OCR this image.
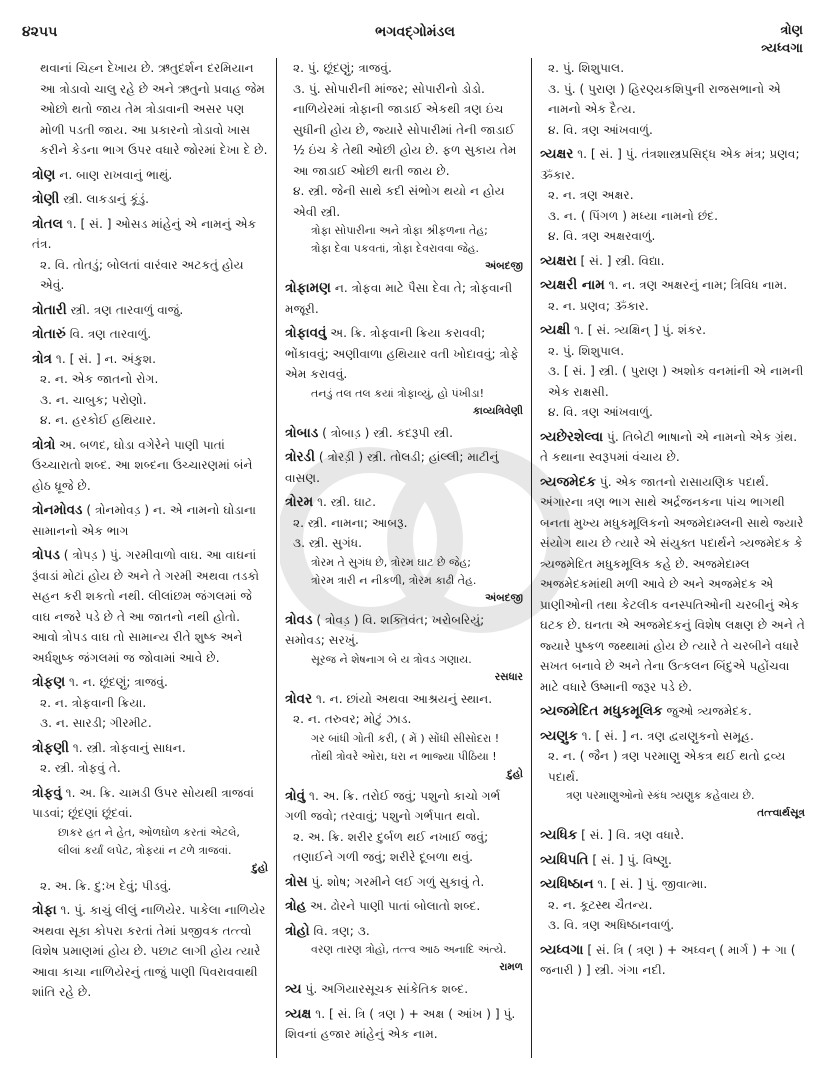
૪૨૫૫	ભગવદ્ગોમંડલ	ત્રોણ
ત્ર્યધ્વગા

થવાનાં ચિહ્ન દેખાય છે. ઋતુદર્શન દરમિયાન આ ત્રોડાવો ચાલુ રહે છે અને ઋતુનો પ્રવાહ જેમ ઓછો થતો જાય તેમ ત્રોડાવાની અસર પણ મોળી પડતી જાય. આ પ્રકારનો ત્રોડાવો ખાસ કરીને કેડના ભાગ ઉપર વધારે જોરમાં દેખા દે છે.

ત્રોણ ન. બાણ રાખવાનું ભાથું.

ત્રોણી સ્ત્રી. લાકડાનું કૂંડું.

ત્રોતલ ૧. [ સં. ] ઓસડ માંહેનું એ નામનું એક તંત્ર.

૨. વિ. તોતડું; બોલતાં વારંવાર અટકતું હોય એવું.

ત્રોતારી સ્ત્રી. ત્રણ તારવાળું વાજું.

ત્રોતારું વિ. ત્રણ તારવાળું.

ત્રોત્ર ૧. [ સં. ] ન. અંકુશ.

૨. ન. એક જાતનો રોગ.

૩. ન. ચાબુક; પરોણો.

૪. ન. હરકોઈ હથિયાર.

ત્રોત્રો અ. બળદ, ઘોડા વગેરેને પાણી પાતાં ઉચ્ચારાતો શબ્દ. આ શબ્દના ઉચ્ચારણમાં બંને હોઠ ધ્રૂજે છે.

ત્રોનમોવડ ( ત્રોનમોવડ઼ ) ન. એ નામનો ઘોડાના સામાનનો એક ભાગ

ત્રોપડ ( ત્રોપડ઼ ) પું. ગરમીવાળો વાઘ. આ વાઘનાં રૂંવાડાં મોટાં હોય છે અને તે ગરમી અથવા તડકો સહન કરી શકતો નથી. લીલાંછમ જંગલમાં જે વાઘ નજરે પડે છે તે આ જાતનો નથી હોતો. આવો ત્રોપડ વાઘ તો સામાન્ય રીતે શુષ્ક અને અર્ધશુષ્ક જંગલમાં જ જોવામાં આવે છે.

ત્રોફણ ૧. ન. છૂંદણું; ત્રાજવું.

૨. ન. ત્રોફવાની ક્રિયા.

૩. ન. સારડી; ગીરમીટ.

ત્રોફણી ૧. સ્ત્રી. ત્રોફવાનું સાધન.

૨. સ્ત્રી. ત્રોફવું તે.

ત્રોફવું ૧. અ. ક્રિ. ચામડી ઉપર સોયથી ત્રાજવાં પાડવાં; છૂંદણાં છૂંદવાં.

છાકર હત ને હેત, ઓળઘોળ કરતાં એટલે,

લીલાં કર્યાં લપેટ, ત્રોફયાં ન ટળે ત્રાજવાં.

દુહો

૨. અ. ક્રિ. દુ:ખ દેવું; પીડવું.

ત્રોફા ૧. પું. કાચું લીલું નાળિયેર. પાકેલા નાળિયેર અથવા સૂકા કોપરા કરતાં તેમાં પ્રજીવક તત્ત્વો વિશેષ પ્રમાણમાં હોય છે. પછાટ લાગી હોય ત્યારે આવા કાચા નાળિયેરનું તાજું પાણી પિવરાવવાથી શાંતિ રહે છે.

૨. પું. છૂંદણું; ત્રાજવું.

૩. પું. સોપારીની માંજર; સોપારીનો ડોડો. નાળિયેરમાં ત્રોફાની જાડાઈ એકથી ત્રણ ઇંચ સુધીની હોય છે, જ્યારે સોપારીમાં તેની જાડાઈ ½ ઇંચ કે તેથી ઓછી હોય છે. ફળ સુકાય તેમ આ જાડાઈ ઓછી થતી જાય છે.

૪. સ્ત્રી. જેની સાથે કદી સંભોગ થયો ન હોય એવી સ્ત્રી.

ત્રોફા સોપારીના અને ત્રોફા શ્રીફળના તેહ;

ત્રોફા દેવા પકવતાં, ત્રોફા દેવરાવવા જેહ.

અંબદજી

ત્રોફામણ ન. ત્રોફવા માટે પૈસા દેવા તે; ત્રોફવાની મજૂરી.

ત્રોફાવવું અ. ક્રિ. ત્રોફવાની ક્રિયા કરાવવી; ભોંકાવવું; અણીવાળા હથિયાર વતી ખોદાવવું; ત્રોફે એમ કરાવવું.

તનડું તલ તલ કયાં ત્રોફાવ્યું, હો પંખીડા!

કાવ્યત્રિવેણી

ત્રોબાડ ( ત્રોબાડ઼ ) સ્ત્રી. કદરૂપી સ્ત્રી.

ત્રોરડી ( ત્રોરડ઼ી ) સ્ત્રી. તોલડી; હાંલ્લી; માટીનું વાસણ.

ત્રોરમ ૧. સ્ત્રી. ઘાટ.

૨. સ્ત્રી. નામના; આબરૂ.

૩. સ્ત્રી. સુગંધ.

ત્રોરમ તે સુગંધ છે, ત્રોરમ ઘાટ છે જેહ;

ત્રોરમ ત્રારી ન નીકળી, ત્રોરમ કાઢી તેહ.

અંબદજી

ત્રોવડ ( ત્રોવડ઼ ) વિ. શક્તિવંત; ખરોબરિયું; સમોવડ; સરખું.

સૂરજ ને શેષનાગ બે ય ત્રોવડ ગણાય.

રસધાર

ત્રોવર ૧. ન. છાંયો અથવા આશ્રયનું સ્થાન.

૨. ન. તરુવર; મોટું ઝાડ.

ગર બાંધી ગોતી કરી, ( મેં ) સોંધી સીસોદરા !

તોંથી ત્રોવરે ઓરા, ધરા ન ભાજ્યા પીઠિયા !

દુહો

ત્રોવું ૧. અ. ક્રિ. તરોઈ જવું; પશુનો કાચો ગર્ભ ગળી જવો; તરવાવું; પશુનો ગર્ભપાત થવો.

૨. અ. ક્રિ. શરીર દુર્બળ થઈ નખાઈ જવું; તણાઈને ગળી જવું; શરીરે દૂબળા થવું.

ત્રોસ પું. શોષ; ગરમીને લઈ ગળું સુકાવું તે.

ત્રોહ અ. ઢોરને પાણી પાતાં બોલાતો શબ્દ.

ત્રોહો વિ. ત્રણ; ૩.

વરણ તારણ ત્રોહો, તત્ત્વ આઠ અનાદિ અંત્યે.

રામળ

ત્ર્ય પું. અગિયારસૂચક સાંકેતિક શબ્દ.

ત્ર્યક્ષ ૧. [ સં. ત્રિ ( ત્રણ ) + અક્ષ ( આંખ ) ] પું. શિવનાં હજાર માંહેનું એક નામ.

૨. પું. શિશુપાલ.

૩. પું. ( પુરાણ ) હિરણ્યકશિપુની રાજસભાનો એ નામનો એક દૈત્ય.

૪. વિ. ત્રણ આંખવાળું.

ત્ર્યક્ષર ૧. [ સં. ] પું. તંત્રશાસ્ત્રપ્રસિદ્ધ એક મંત્ર; પ્રણવ; ૐકાર.

૨. ન. ત્રણ અક્ષર.

૩. ન. ( પિંગળ ) મધ્યા નામનો છંદ.

૪. વિ. ત્રણ અક્ષરવાળું.

ત્ર્યક્ષરા [ સં. ] સ્ત્રી. વિદ્યા.

ત્ર્યક્ષરી નામ ૧. ન. ત્રણ અક્ષરનું નામ; ત્રિવિધ નામ.

૨. ન. પ્રણવ; ૐકાર.

ત્ર્યક્ષી ૧. [ સં. ત્ર્યક્ષિન્ ] પું. શંકર.

૨. પું. શિશુપાલ.

૩. [ સં. ] સ્ત્રી. ( પુરાણ ) અશોક વનમાંની એ નામની એક રાક્ષસી.

૪. વિ. ત્રણ આંખવાળું.

ત્ર્યછેરશેલ્વા પું. તિબેટી ભાષાનો એ નામનો એક ગ્રંથ. તે કથાના સ્વરૂપમાં વંચાય છે.

ત્ર્યજમેદક પું. એક જાતનો રાસાયણિક પદાર્થ. અંગારના ત્રણ ભાગ સાથે અર્દ્રજનકના પાંચ ભાગથી બનતા મુખ્ય મધુકમૂલિકનો અજમેદામ્લની સાથે જ્યારે સંયોગ થાય છે ત્યારે એ સંયુક્ત પદાર્થને ત્ર્યજમેદક કે ત્ર્યજમેદિત મધુકમૂલિક કહે છે. અજમેદામ્લ અજમેદકમાંથી મળી આવે છે અને અજમેદક એ પ્રાણીઓની તથા કેટલીક વનસ્પતિઓની ચરબીનું એક ઘટક છે. ઘનતા એ અજમેદકનું વિશેષ લક્ષણ છે અને તે જ્યારે પુષ્કળ જથ્થામાં હોય છે ત્યારે તે ચરબીને વધારે સખત બનાવે છે અને તેના ઉત્કલન બિંદુએ પહોંચવા માટે વધારે ઉષ્માની જરૂર પડે છે.

ત્ર્યજમેદિત મધુકમૂલિક જુઓ ત્ર્યજમેદક.

ત્ર્યણુક ૧. [ સં. ] ન. ત્રણ દ્વ્યણુકનો સમૂહ.

૨. ન. ( જૈન ) ત્રણ પરમાણુ એકત્ર થઈ થતો દ્રવ્ય પદાર્થ.

ત્રણ પરમાણુઓનો સ્કંધ ત્ર્યણુક કહેવાય છે.

તત્ત્વાર્થસૂત્ર

ત્ર્યધિક [ સં. ] વિ. ત્રણ વધારે.

ત્ર્યધિપતિ [ સં. ] પું. વિષ્ણુ.

ત્ર્યધિષ્ઠાન ૧. [ સં. ] પું. જીવાત્મા.

૨. ન. કૂટસ્થ ચૈતન્ય.

૩. વિ. ત્રણ અધિષ્ઠાનવાળું.

ત્ર્યધ્વગા [ સં. ત્રિ ( ત્રણ ) + અધ્વન્ ( માર્ગ ) + ગા ( જનારી ) ] સ્ત્રી. ગંગા નદી.
